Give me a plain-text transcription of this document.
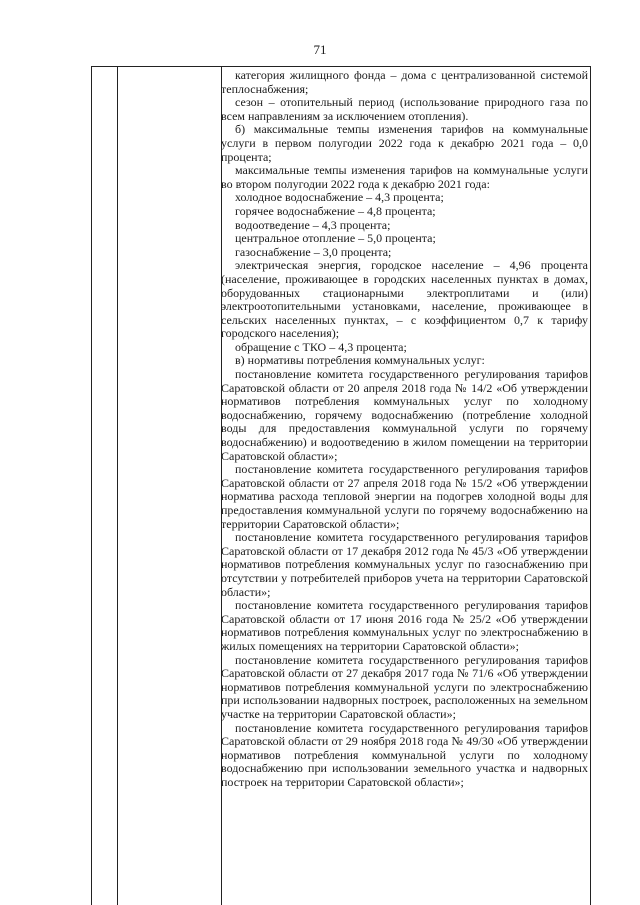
71

категория жилищного фонда – дома с централизованной системой теплоснабжения;

сезон – отопительный период (использование природного газа по всем направлениям за исключением отопления).

б) максимальные темпы изменения тарифов на коммунальные услуги в первом полугодии 2022 года к декабрю 2021 года – 0,0 процента;

максимальные темпы изменения тарифов на коммунальные услуги во втором полугодии 2022 года к декабрю 2021 года:

холодное водоснабжение – 4,3 процента;

горячее водоснабжение – 4,8 процента;

водоотведение – 4,3 процента;

центральное отопление – 5,0 процента;

газоснабжение – 3,0 процента;

электрическая энергия, городское население – 4,96 процента (население, проживающее в городских населенных пунктах в домах, оборудованных стационарными электроплитами и (или) электроотопительными установками, население, проживающее в сельских населенных пунктах, – с коэффициентом 0,7 к тарифу городского населения);

обращение с ТКО – 4,3 процента;

в) нормативы потребления коммунальных услуг:

постановление комитета государственного регулирования тарифов Саратовской области от 20 апреля 2018 года № 14/2 «Об утверждении нормативов потребления коммунальных услуг по холодному водоснабжению, горячему водоснабжению (потребление холодной воды для предоставления коммунальной услуги по горячему водоснабжению) и водоотведению в жилом помещении на территории Саратовской области»;

постановление комитета государственного регулирования тарифов Саратовской области от 27 апреля 2018 года № 15/2 «Об утверждении норматива расхода тепловой энергии на подогрев холодной воды для предоставления коммунальной услуги по горячему водоснабжению на территории Саратовской области»;

постановление комитета государственного регулирования тарифов Саратовской области от 17 декабря 2012 года № 45/3 «Об утверждении нормативов потребления коммунальных услуг по газоснабжению при отсутствии у потребителей приборов учета на территории Саратовской области»;

постановление комитета государственного регулирования тарифов Саратовской области от 17 июня 2016 года № 25/2 «Об утверждении нормативов потребления коммунальных услуг по электроснабжению в жилых помещениях на территории Саратовской области»;

постановление комитета государственного регулирования тарифов Саратовской области от 27 декабря 2017 года № 71/6 «Об утверждении нормативов потребления коммунальной услуги по электроснабжению при использовании надворных построек, расположенных на земельном участке на территории Саратовской области»;

постановление комитета государственного регулирования тарифов Саратовской области от 29 ноября 2018 года № 49/30 «Об утверждении нормативов потребления коммунальной услуги по холодному водоснабжению при использовании земельного участка и надворных построек на территории Саратовской области»;
